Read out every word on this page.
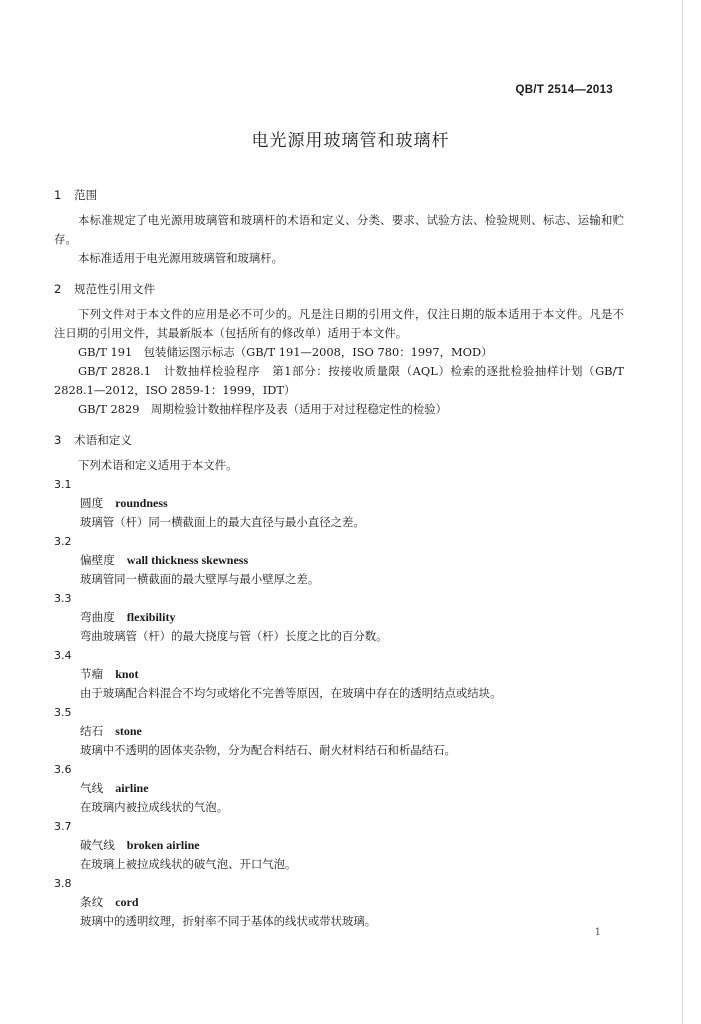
QB/T 2514—2013
电光源用玻璃管和玻璃杆
1 范围

本标准规定了电光源用玻璃管和玻璃杆的术语和定义、分类、要求、试验方法、检验规则、标志、运输和贮存。

本标准适用于电光源用玻璃管和玻璃杆。

2 规范性引用文件

下列文件对于本文件的应用是必不可少的。凡是注日期的引用文件，仅注日期的版本适用于本文件。凡是不注日期的引用文件，其最新版本（包括所有的修改单）适用于本文件。

GB/T 191　包装储运图示标志（GB/T 191—2008，ISO 780：1997，MOD）

GB/T 2828.1　计数抽样检验程序　第1部分：按接收质量限（AQL）检索的逐批检验抽样计划（GB/T 2828.1—2012，ISO 2859-1：1999，IDT）

GB/T 2829　周期检验计数抽样程序及表（适用于对过程稳定性的检验）

3 术语和定义

下列术语和定义适用于本文件。

3.1
圆度 roundness
玻璃管（杆）同一横截面上的最大直径与最小直径之差。
3.2
偏壁度 wall thickness skewness
玻璃管同一横截面的最大壁厚与最小壁厚之差。
3.3
弯曲度 flexibility
弯曲玻璃管（杆）的最大挠度与管（杆）长度之比的百分数。
3.4
节瘤 knot
由于玻璃配合料混合不均匀或熔化不完善等原因，在玻璃中存在的透明结点或结块。
3.5
结石 stone
玻璃中不透明的固体夹杂物，分为配合料结石、耐火材料结石和析晶结石。
3.6
气线 airline
在玻璃内被拉成线状的气泡。
3.7
破气线 broken airline
在玻璃上被拉成线状的破气泡、开口气泡。
3.8
条纹 cord
玻璃中的透明纹理，折射率不同于基体的线状或带状玻璃。
1
